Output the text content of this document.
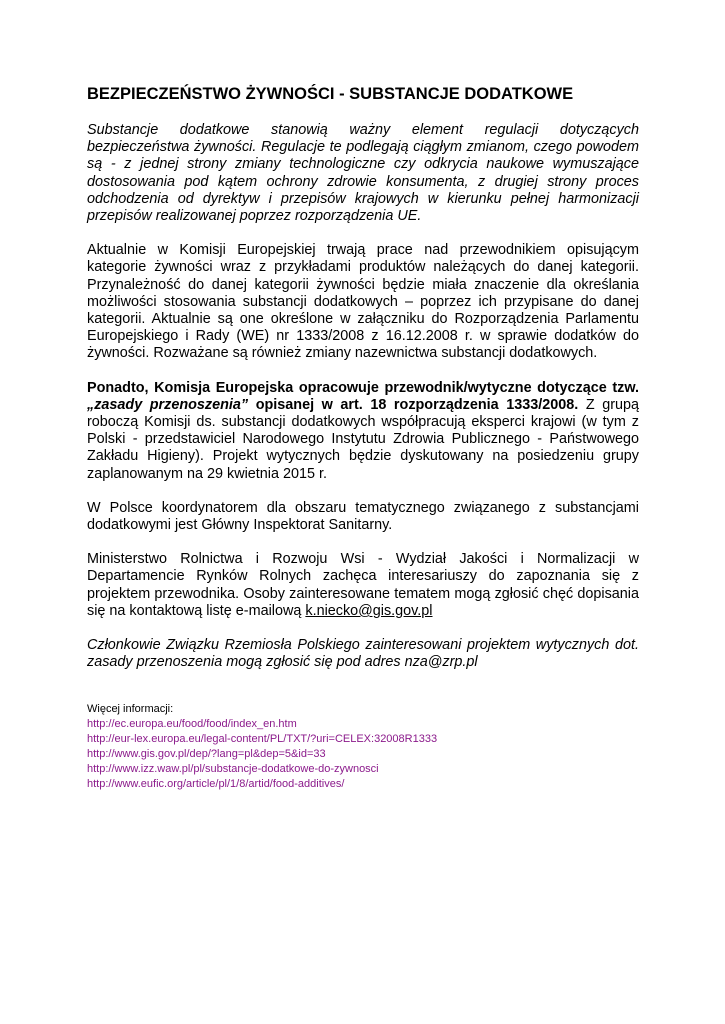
BEZPIECZEŃSTWO ŻYWNOŚCI - SUBSTANCJE DODATKOWE

Substancje dodatkowe stanowią ważny element regulacji dotyczących bezpieczeństwa żywności. Regulacje te podlegają ciągłym zmianom, czego powodem są - z jednej strony zmiany technologiczne czy odkrycia naukowe wymuszające dostosowania pod kątem ochrony zdrowie konsumenta, z drugiej strony proces odchodzenia od dyrektyw i przepisów krajowych w kierunku pełnej harmonizacji przepisów realizowanej poprzez rozporządzenia UE.

Aktualnie w Komisji Europejskiej trwają prace nad przewodnikiem opisującym kategorie żywności wraz z przykładami produktów należących do danej kategorii. Przynależność do danej kategorii żywności będzie miała znaczenie dla określania możliwości stosowania substancji dodatkowych – poprzez ich przypisane do danej kategorii. Aktualnie są one określone w załączniku do Rozporządzenia Parlamentu Europejskiego i Rady (WE) nr 1333/2008 z 16.12.2008 r. w sprawie dodatków do żywności. Rozważane są również zmiany nazewnictwa substancji dodatkowych.

Ponadto, Komisja Europejska opracowuje przewodnik/wytyczne dotyczące tzw. „zasady przenoszenia” opisanej w art. 18 rozporządzenia 1333/2008. Z grupą roboczą Komisji ds. substancji dodatkowych współpracują eksperci krajowi (w tym z Polski - przedstawiciel Narodowego Instytutu Zdrowia Publicznego - Państwowego Zakładu Higieny). Projekt wytycznych będzie dyskutowany na posiedzeniu grupy zaplanowanym na 29 kwietnia 2015 r.

W Polsce koordynatorem dla obszaru tematycznego związanego z substancjami dodatkowymi jest Główny Inspektorat Sanitarny.

Ministerstwo Rolnictwa i Rozwoju Wsi - Wydział Jakości i Normalizacji w Departamencie Rynków Rolnych zachęca interesariuszy do zapoznania się z projektem przewodnika. Osoby zainteresowane tematem mogą zgłosić chęć dopisania się na kontaktową listę e-mailową k.niecko@gis.gov.pl

Członkowie Związku Rzemiosła Polskiego zainteresowani projektem wytycznych dot. zasady przenoszenia mogą zgłosić się pod adres nza@zrp.pl

Więcej informacji:
http://ec.europa.eu/food/food/index_en.htm
http://eur-lex.europa.eu/legal-content/PL/TXT/?uri=CELEX:32008R1333
http://www.gis.gov.pl/dep/?lang=pl&dep=5&id=33
http://www.izz.waw.pl/pl/substancje-dodatkowe-do-zywnosci
http://www.eufic.org/article/pl/1/8/artid/food-additives/
